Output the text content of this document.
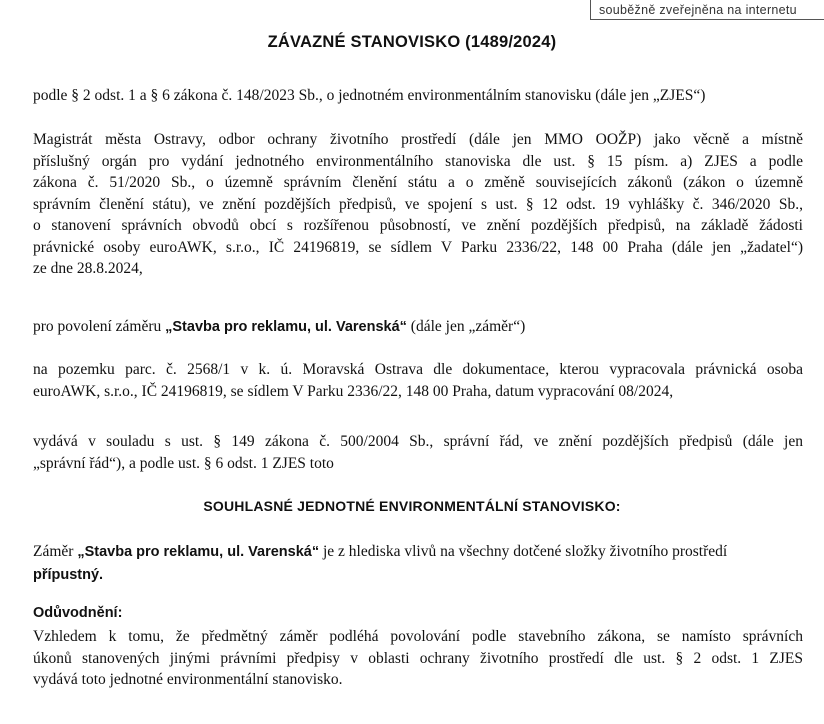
souběžně zveřejněna na internetu
ZÁVAZNÉ STANOVISKO (1489/2024)

podle § 2 odst. 1 a § 6 zákona č. 148/2023 Sb., o jednotném environmentálním stanovisku (dále jen „ZJES“)

Magistrát města Ostravy, odbor ochrany životního prostředí (dále jen MMO OOŽP) jako věcně a místně
příslušný orgán pro vydání jednotného environmentálního stanoviska dle ust. § 15 písm. a) ZJES a podle
zákona č. 51/2020 Sb., o územně správním členění státu a o změně souvisejících zákonů (zákon o územně
správním členění státu), ve znění pozdějších předpisů, ve spojení s ust. § 12 odst. 19 vyhlášky č. 346/2020 Sb.,
o stanovení správních obvodů obcí s rozšířenou působností, ve znění pozdějších předpisů, na základě žádosti
právnické osoby euroAWK, s.r.o., IČ 24196819, se sídlem V Parku 2336/22, 148 00 Praha (dále jen „žadatel“)
ze dne 28.8.2024,

pro povolení záměru „Stavba pro reklamu, ul. Varenská“ (dále jen „záměr“)

na pozemku parc. č. 2568/1 v k. ú. Moravská Ostrava dle dokumentace, kterou vypracovala právnická osoba
euroAWK, s.r.o., IČ 24196819, se sídlem V Parku 2336/22, 148 00 Praha, datum vypracování 08/2024,

vydává v souladu s ust. § 149 zákona č. 500/2004 Sb., správní řád, ve znění pozdějších předpisů (dále jen
„správní řád“), a podle ust. § 6 odst. 1 ZJES toto

SOUHLASNÉ JEDNOTNÉ ENVIRONMENTÁLNÍ STANOVISKO:

Záměr „Stavba pro reklamu, ul. Varenská“ je z hlediska vlivů na všechny dotčené složky životního prostředí
přípustný.

Odůvodnění:

Vzhledem k tomu, že předmětný záměr podléhá povolování podle stavebního zákona, se namísto správních
úkonů stanovených jinými právními předpisy v oblasti ochrany životního prostředí dle ust. § 2 odst. 1 ZJES
vydává toto jednotné environmentální stanovisko.
